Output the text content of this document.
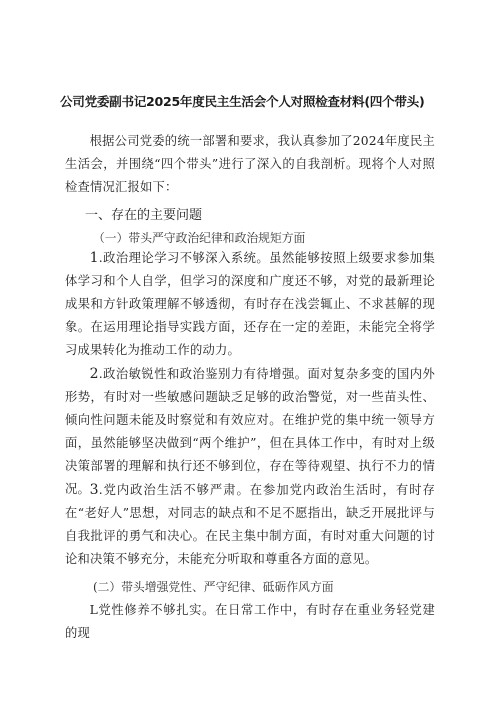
公司党委副书记2025年度民主生活会个人对照检查材料(四个带头)
根据公司党委的统一部署和要求，我认真参加了2024年度民主生活会，并围绕“四个带头”进行了深入的自我剖析。现将个人对照检查情况汇报如下：
一、存在的主要问题
（一）带头严守政治纪律和政治规矩方面
1.政治理论学习不够深入系统。虽然能够按照上级要求参加集体学习和个人自学，但学习的深度和广度还不够，对党的最新理论成果和方针政策理解不够透彻，有时存在浅尝辄止、不求甚解的现象。在运用理论指导实践方面，还存在一定的差距，未能完全将学习成果转化为推动工作的动力。
2.政治敏锐性和政治鉴别力有待增强。面对复杂多变的国内外形势，有时对一些敏感问题缺乏足够的政治警觉，对一些苗头性、倾向性问题未能及时察觉和有效应对。在维护党的集中统一领导方面，虽然能够坚决做到“两个维护”，但在具体工作中，有时对上级决策部署的理解和执行还不够到位，存在等待观望、执行不力的情况。 3.党内政治生活不够严肃。在参加党内政治生活时，有时存在“老好人”思想，对同志的缺点和不足不愿指出，缺乏开展批评与自我批评的勇气和决心。在民主集中制方面，有时对重大问题的讨论和决策不够充分，未能充分听取和尊重各方面的意见。
(二）带头增强党性、严守纪律、砥砺作风方面
L党性修养不够扎实。在日常工作中，有时存在重业务轻党建的现
